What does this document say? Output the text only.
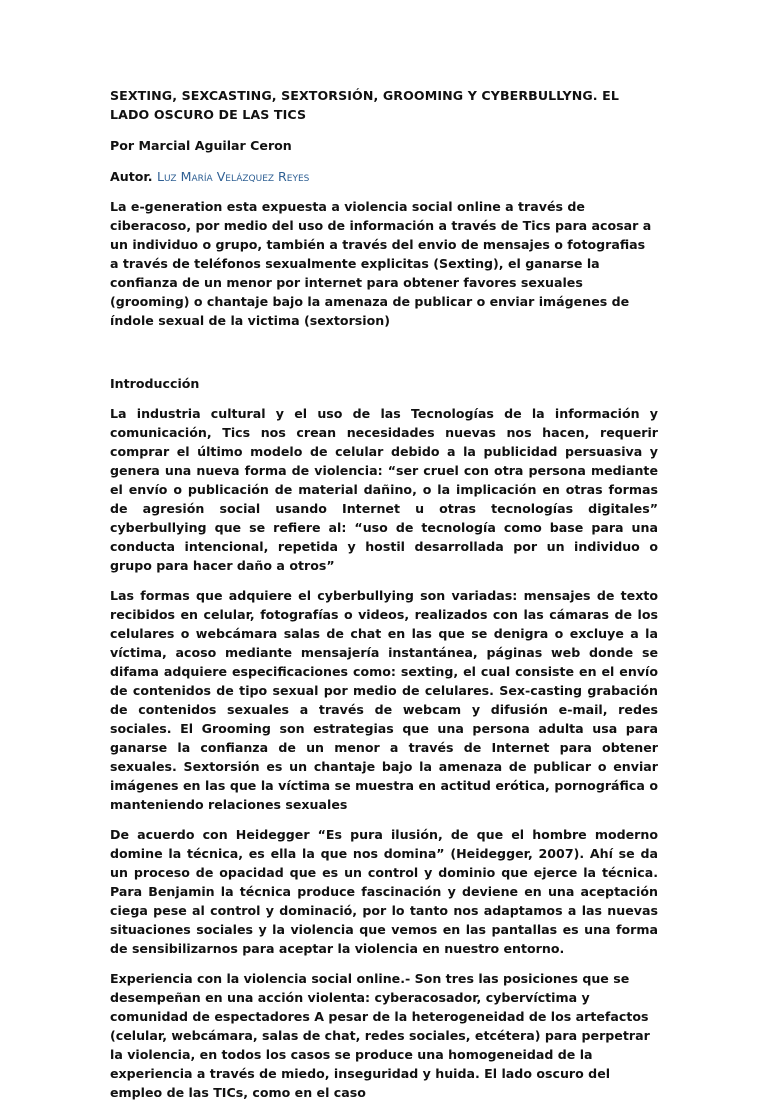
SEXTING, SEXCASTING, SEXTORSIÓN, GROOMING Y CYBERBULLYNG. EL LADO OSCURO DE LAS TICS

Por Marcial Aguilar Ceron

Autor. Luz María Velázquez Reyes

La e-generation esta expuesta a violencia social online a través de ciberacoso, por medio del uso de información a través de Tics para acosar a un individuo o grupo, también a través del envio de mensajes o fotografias a través de teléfonos sexualmente explicitas (Sexting), el ganarse la confianza de un menor por internet para obtener favores sexuales (grooming) o chantaje bajo la amenaza de publicar o enviar imágenes de índole sexual de la victima (sextorsion)

Introducción

La industria cultural y el uso de las Tecnologías de la información y comunicación, Tics nos crean necesidades nuevas nos hacen, requerir comprar el último modelo de celular debido a la publicidad persuasiva y genera una nueva forma de violencia: “ser cruel con otra persona mediante el envío o publicación de material dañino, o la implicación en otras formas de agresión social usando Internet u otras tecnologías digitales” cyberbullying que se refiere al: “uso de tecnología como base para una conducta intencional, repetida y hostil desarrollada por un individuo o grupo para hacer daño a otros”

Las formas que adquiere el cyberbullying son variadas: mensajes de texto recibidos en celular, fotografías o videos, realizados con las cámaras de los celulares o webcámara salas de chat en las que se denigra o excluye a la víctima, acoso mediante mensajería instantánea, páginas web donde se difama adquiere especificaciones como: sexting, el cual consiste en el envío de contenidos de tipo sexual por medio de celulares. Sex-casting grabación de contenidos sexuales a través de webcam y difusión e-mail, redes sociales. El Grooming son estrategias que una persona adulta usa para ganarse la confianza de un menor a través de Internet para obtener sexuales. Sextorsión es un chantaje bajo la amenaza de publicar o enviar imágenes en las que la víctima se muestra en actitud erótica, pornográfica o manteniendo relaciones sexuales

De acuerdo con Heidegger “Es pura ilusión, de que el hombre moderno domine la técnica, es ella la que nos domina” (Heidegger, 2007). Ahí se da un proceso de opacidad que es un control y dominio que ejerce la técnica. Para Benjamin la técnica produce fascinación y deviene en una aceptación ciega pese al control y dominació, por lo tanto nos adaptamos a las nuevas situaciones sociales y la violencia que vemos en las pantallas es una forma de sensibilizarnos para aceptar la violencia en nuestro entorno.

Experiencia con la violencia social online.- Son tres las posiciones que se desempeñan en una acción violenta: cyberacosador, cybervíctima y comunidad de espectadores A pesar de la heterogeneidad de los artefactos (celular, webcámara, salas de chat, redes sociales, etcétera) para perpetrar la violencia, en todos los casos se produce una homogeneidad de la experiencia a través de miedo, inseguridad y huida. El lado oscuro del empleo de las TICs, como en el caso
